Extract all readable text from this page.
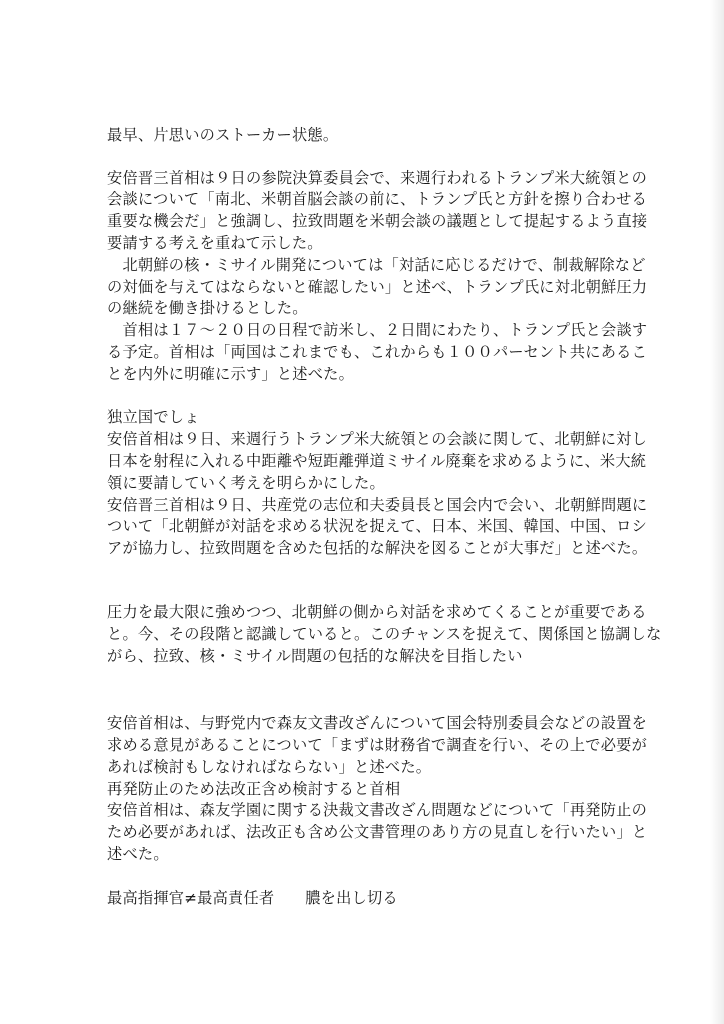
最早、片思いのストーカー状態。
安倍晋三首相は９日の参院決算委員会で、来週行われるトランプ米大統領との
会談について「南北、米朝首脳会談の前に、トランプ氏と方針を擦り合わせる
重要な機会だ」と強調し、拉致問題を米朝会談の議題として提起するよう直接
要請する考えを重ねて示した。
　北朝鮮の核・ミサイル開発については「対話に応じるだけで、制裁解除など
の対価を与えてはならないと確認したい」と述べ、トランプ氏に対北朝鮮圧力
の継続を働き掛けるとした。
　首相は１７～２０日の日程で訪米し、２日間にわたり、トランプ氏と会談す
る予定。首相は「両国はこれまでも、これからも１００パーセント共にあるこ
とを内外に明確に示す」と述べた。
独立国でしょ
安倍首相は９日、来週行うトランプ米大統領との会談に関して、北朝鮮に対し
日本を射程に入れる中距離や短距離弾道ミサイル廃棄を求めるように、米大統
領に要請していく考えを明らかにした。
安倍晋三首相は９日、共産党の志位和夫委員長と国会内で会い、北朝鮮問題に
ついて「北朝鮮が対話を求める状況を捉えて、日本、米国、韓国、中国、ロシ
アが協力し、拉致問題を含めた包括的な解決を図ることが大事だ」と述べた。
圧力を最大限に強めつつ、北朝鮮の側から対話を求めてくることが重要である
と。今、その段階と認識していると。このチャンスを捉えて、関係国と協調しな
がら、拉致、核・ミサイル問題の包括的な解決を目指したい
安倍首相は、与野党内で森友文書改ざんについて国会特別委員会などの設置を
求める意見があることについて「まずは財務省で調査を行い、その上で必要が
あれば検討もしなければならない」と述べた。
再発防止のため法改正含め検討すると首相
安倍首相は、森友学園に関する決裁文書改ざん問題などについて「再発防止の
ため必要があれば、法改正も含め公文書管理のあり方の見直しを行いたい」と
述べた。
最高指揮官≠最高責任者　　膿を出し切る
